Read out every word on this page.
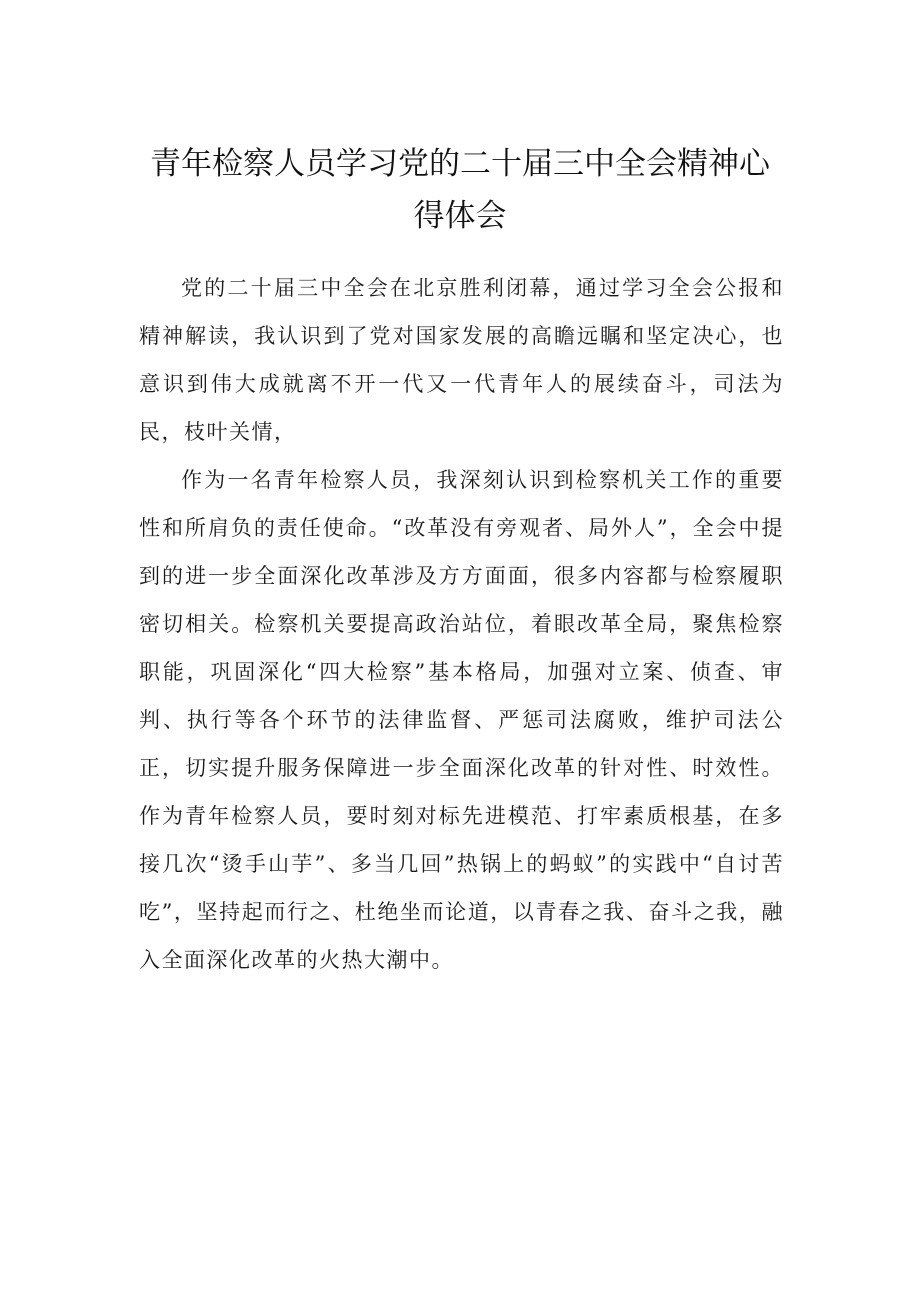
青年检察人员学习党的二十届三中全会精神心得体会

党的二十届三中全会在北京胜利闭幕，通过学习全会公报和精神解读，我认识到了党对国家发展的高瞻远瞩和坚定决心，也意识到伟大成就离不开一代又一代青年人的展续奋斗，司法为民，枝叶关情，

作为一名青年检察人员，我深刻认识到检察机关工作的重要性和所肩负的责任使命。“改革没有旁观者、局外人”，全会中提到的进一步全面深化改革涉及方方面面，很多内容都与检察履职密切相关。检察机关要提高政治站位，着眼改革全局，聚焦检察职能，巩固深化“四大检察”基本格局，加强对立案、侦查、审判、执行等各个环节的法律监督、严惩司法腐败，维护司法公正，切实提升服务保障进一步全面深化改革的针对性、时效性。作为青年检察人员，要时刻对标先进模范、打牢素质根基，在多接几次“烫手山芋”、多当几回”热锅上的蚂蚁”的实践中“自讨苦吃”，坚持起而行之、杜绝坐而论道，以青春之我、奋斗之我，融入全面深化改革的火热大潮中。
